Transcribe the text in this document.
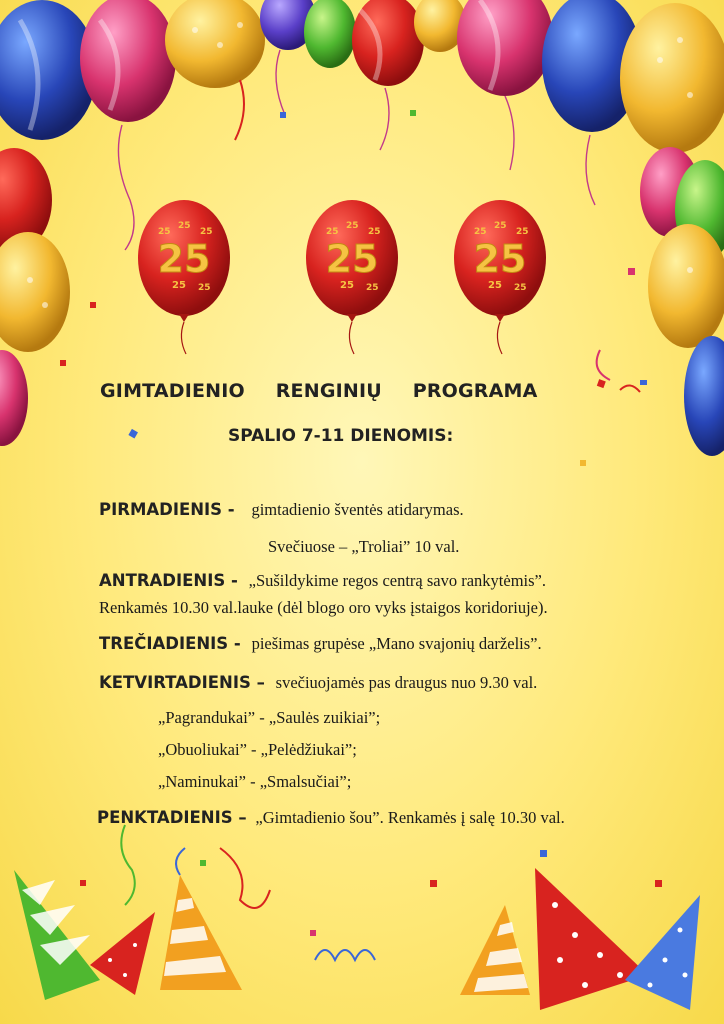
25
25
25
25
25 25
25
25
25
25
25 25
25
25
25
25
25 25
GIMTADIENIO RENGINIŲ PROGRAMA
SPALIO 7-11 DIENOMIS:
PIRMADIENIS - gimtadienio šventės atidarymas.
Svečiuose – „Troliai” 10 val.
ANTRADIENIS - „Sušildykime regos centrą savo rankytėmis”.
Renkamės 10.30 val.lauke (dėl blogo oro vyks įstaigos koridoriuje).
TREČIADIENIS - piešimas grupėse „Mano svajonių darželis”.
KETVIRTADIENIS – svečiuojamės pas draugus nuo 9.30 val.
„Pagrandukai” - „Saulės zuikiai”;
„Obuoliukai” - „Pelėdžiukai”;
„Naminukai” - „Smalsučiai”;
PENKTADIENIS – „Gimtadienio šou”. Renkamės į salę 10.30 val.
